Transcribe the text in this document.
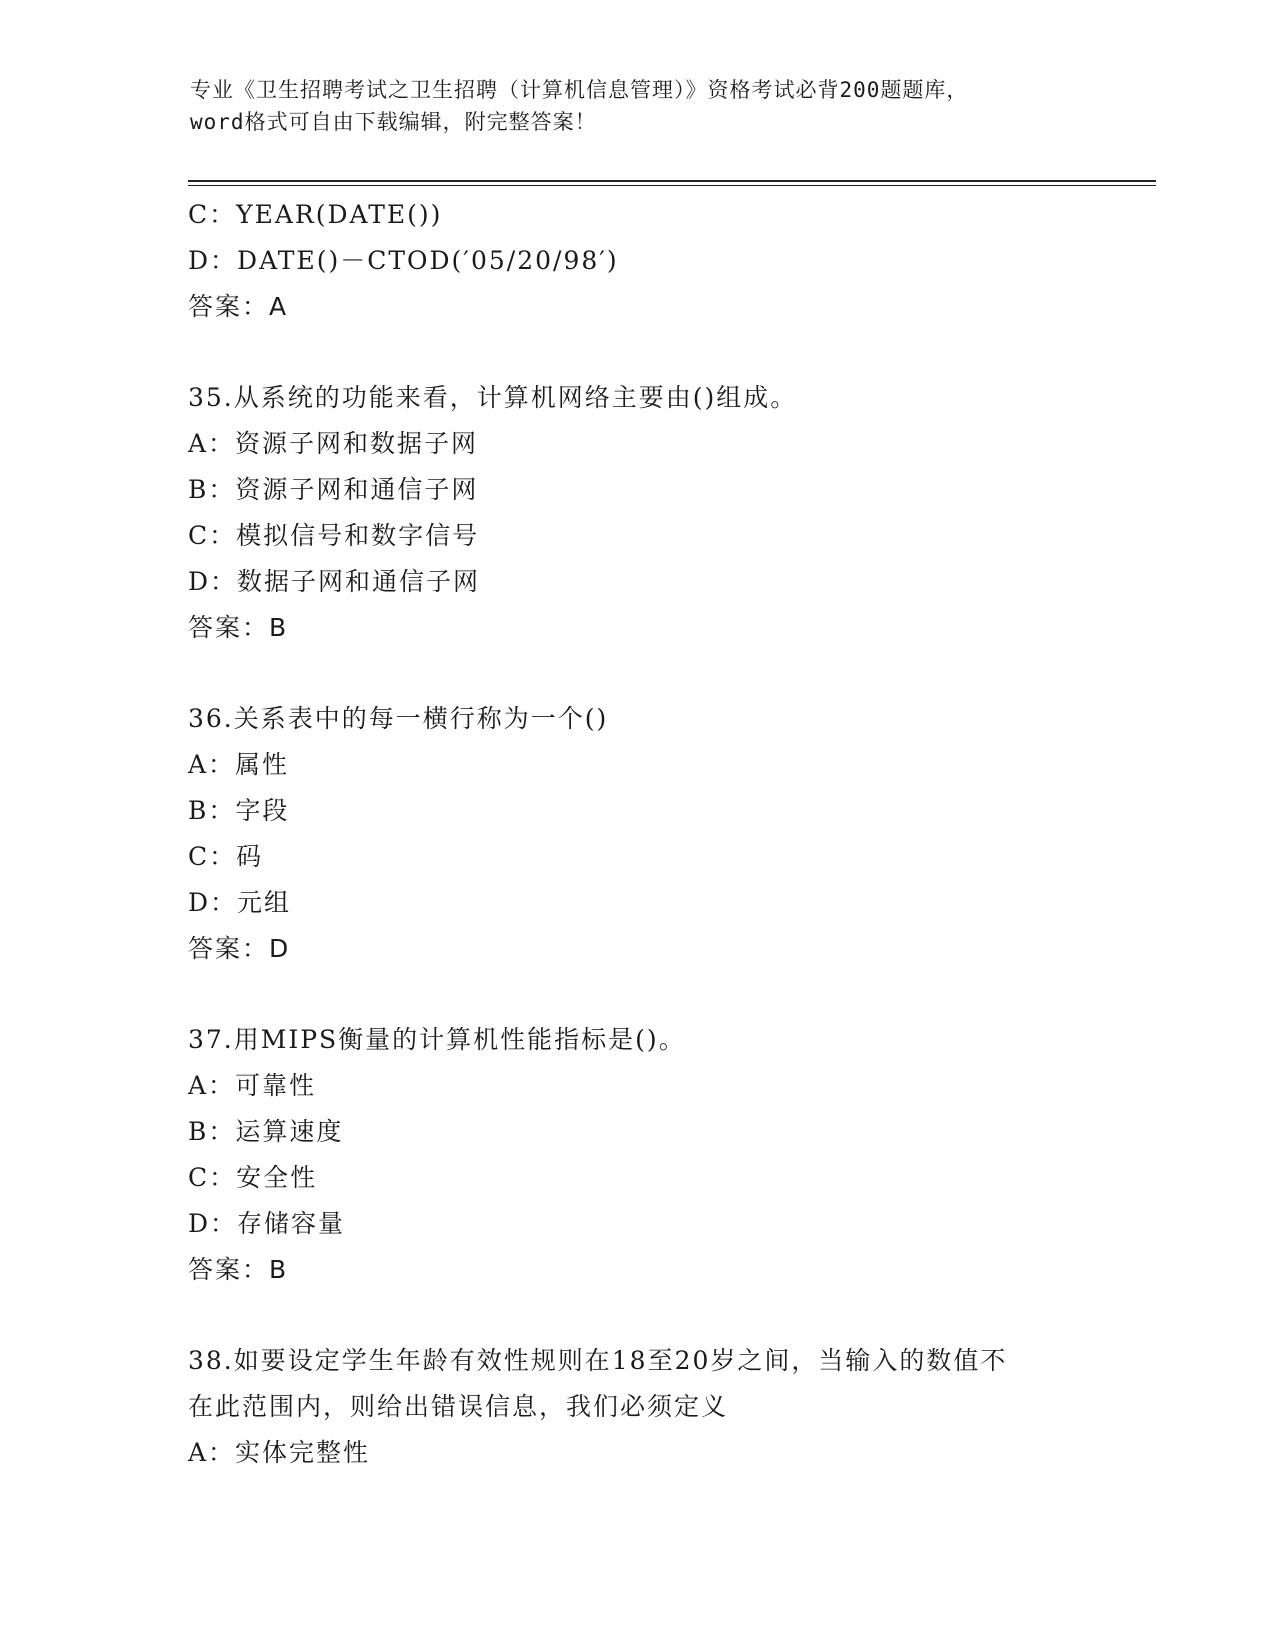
专业《卫生招聘考试之卫生招聘（计算机信息管理）》资格考试必背200题题库，
word格式可自由下载编辑，附完整答案！
C：YEAR(DATE())
D：DATE()－CTOD(′05/20/98′)
答案：A
35.从系统的功能来看，计算机网络主要由()组成。
A：资源子网和数据子网
B：资源子网和通信子网
C：模拟信号和数字信号
D：数据子网和通信子网
答案：B
36.关系表中的每一横行称为一个()
A：属性
B：字段
C：码
D：元组
答案：D
37.用MIPS衡量的计算机性能指标是()。
A：可靠性
B：运算速度
C：安全性
D：存储容量
答案：B
38.如要设定学生年龄有效性规则在18至20岁之间，当输入的数值不
在此范围内，则给出错误信息，我们必须定义
A：实体完整性
